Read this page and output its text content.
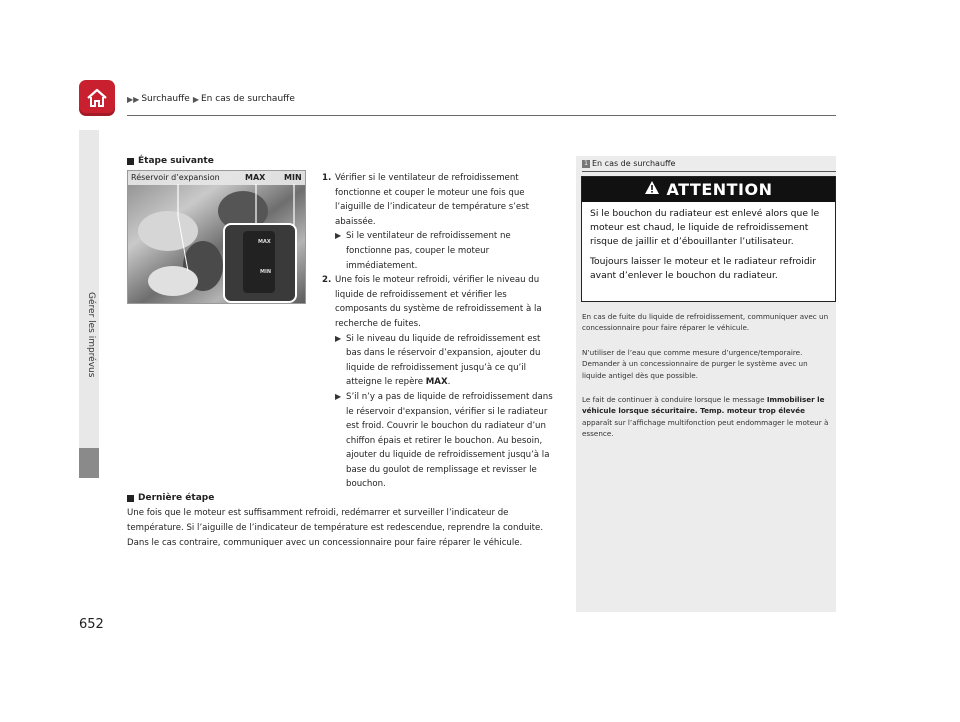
▶▶ Surchauffe ▶ En cas de surchauffe
Gérer les imprévus
Étape suivante
Réservoir d’expansion	MAX MIN
MAX
MIN
1. Vérifier si le ventilateur de refroidissement fonctionne et couper le moteur une fois que l’aiguille de l’indicateur de température s’est abaissée.
▶ Si le ventilateur de refroidissement ne fonctionne pas, couper le moteur immédiatement.
2. Une fois le moteur refroidi, vérifier le niveau du liquide de refroidissement et vérifier les composants du système de refroidissement à la recherche de fuites.
▶ Si le niveau du liquide de refroidissement est bas dans le réservoir d’expansion, ajouter du liquide de refroidissement jusqu’à ce qu’il atteigne le repère MAX.
▶ S’il n’y a pas de liquide de refroidissement dans le réservoir d'expansion, vérifier si le radiateur est froid. Couvrir le bouchon du radiateur d’un chiffon épais et retirer le bouchon. Au besoin, ajouter du liquide de refroidissement jusqu’à la base du goulot de remplissage et revisser le bouchon.
Dernière étape
Une fois que le moteur est suffisamment refroidi, redémarrer et surveiller l’indicateur de température. Si l’aiguille de l’indicateur de température est redescendue, reprendre la conduite. Dans le cas contraire, communiquer avec un concessionnaire pour faire réparer le véhicule.
1 En cas de surchauffe
ATTENTION
Si le bouchon du radiateur est enlevé alors que le moteur est chaud, le liquide de refroidissement risque de jaillir et d’ébouillanter l’utilisateur.
Toujours laisser le moteur et le radiateur refroidir avant d’enlever le bouchon du radiateur.
En cas de fuite du liquide de refroidissement, communiquer avec un concessionnaire pour faire réparer le véhicule.
N’utiliser de l’eau que comme mesure d’urgence/temporaire. Demander à un concessionnaire de purger le système avec un liquide antigel dès que possible.
Le fait de continuer à conduire lorsque le message Immobiliser le véhicule lorsque sécuritaire. Temp. moteur trop élevée apparaît sur l’affichage multifonction peut endommager le moteur à essence.
652
